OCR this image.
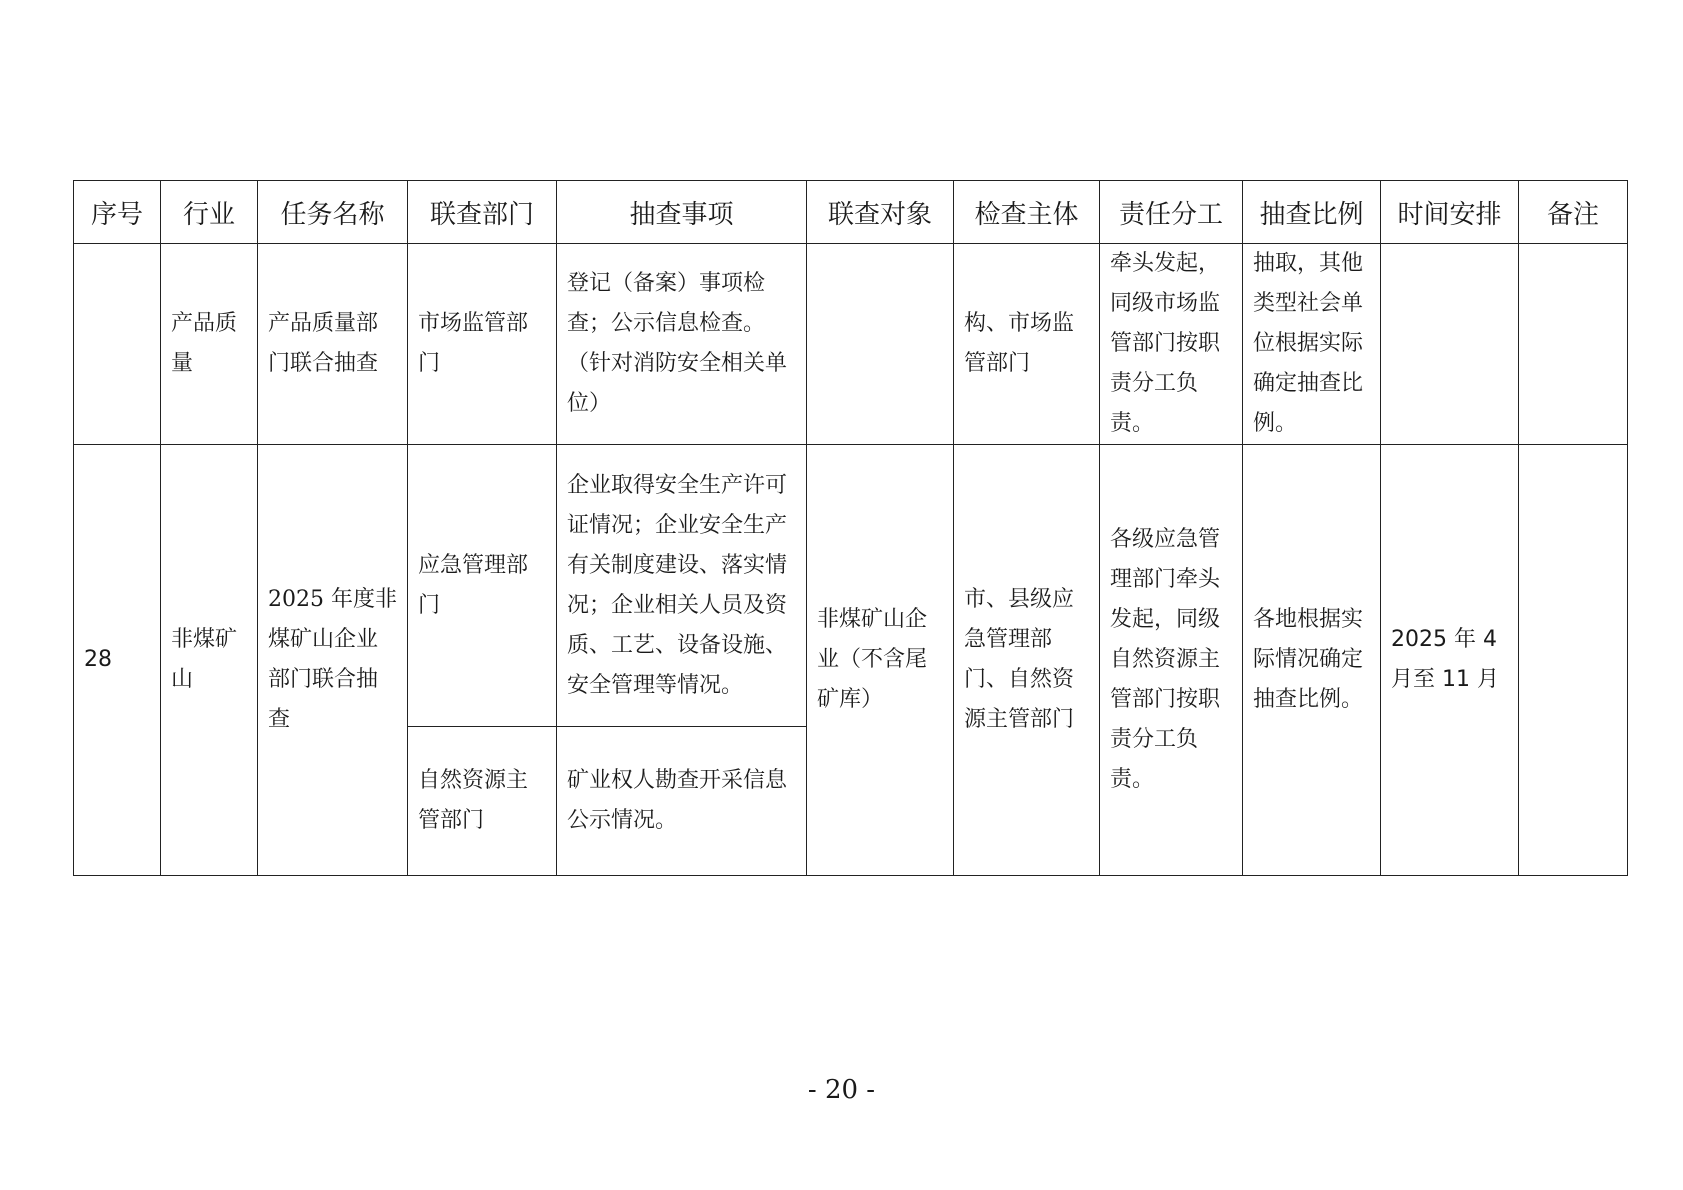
序号	行业	任务名称	联查部门	抽查事项	联查对象	检查主体	责任分工	抽查比例	时间安排	备注
	产品质量	产品质量部门联合抽查	市场监管部门	登记（备案）事项检查；公示信息检查。（针对消防安全相关单位）		构、市场监管部门	牵头发起，同级市场监管部门按职责分工负责。	抽取，其他类型社会单位根据实际确定抽查比例。		
28	非煤矿山	2025 年度非煤矿山企业部门联合抽查	应急管理部门	企业取得安全生产许可证情况；企业安全生产有关制度建设、落实情况；企业相关人员及资质、工艺、设备设施、安全管理等情况。	非煤矿山企业（不含尾矿库）	市、县级应急管理部门、自然资源主管部门	各级应急管理部门牵头发起，同级自然资源主管部门按职责分工负责。	各地根据实际情况确定抽查比例。	2025 年 4 月至 11 月	
			自然资源主管部门	矿业权人勘查开采信息公示情况。						
- 20 -
